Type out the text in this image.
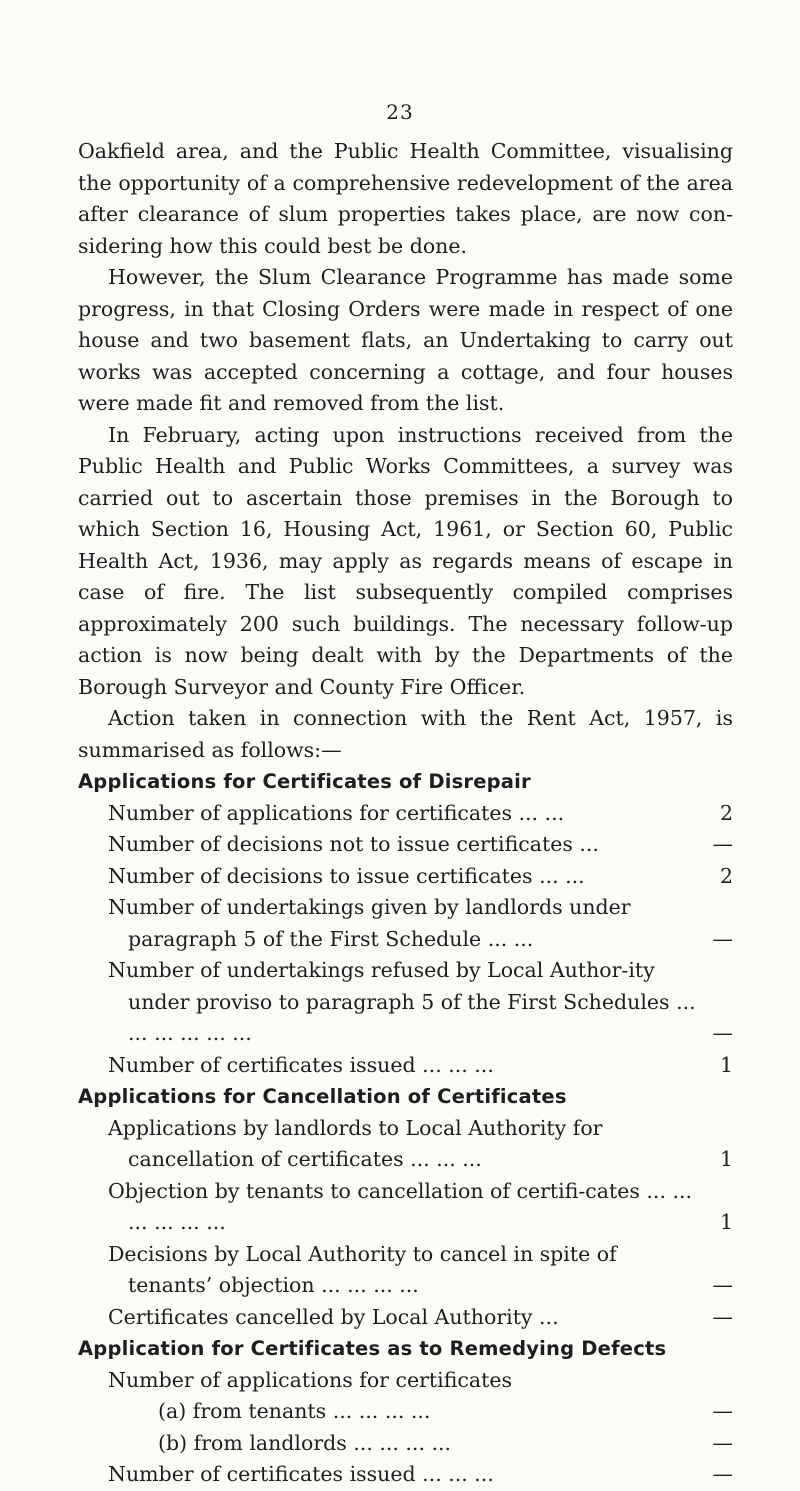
23

Oakfield area, and the Public Health Committee, visualising the opportunity of a comprehensive redevelopment of the area after clearance of slum properties takes place, are now con-sidering how this could best be done.

However, the Slum Clearance Programme has made some progress, in that Closing Orders were made in respect of one house and two basement flats, an Undertaking to carry out works was accepted concerning a cottage, and four houses were made fit and removed from the list.

In February, acting upon instructions received from the Public Health and Public Works Committees, a survey was carried out to ascertain those premises in the Borough to which Section 16, Housing Act, 1961, or Section 60, Public Health Act, 1936, may apply as regards means of escape in case of fire. The list subsequently compiled comprises approximately 200 such buildings. The necessary follow-up action is now being dealt with by the Departments of the Borough Surveyor and County Fire Officer.

Action taken in connection with the Rent Act, 1957, is summarised as follows:—

Applications for Certificates of Disrepair
Number of applications for certificates ... ...	2
Number of decisions not to issue certificates ...	—
Number of decisions to issue certificates ... ...	2
Number of undertakings given by landlords under paragraph 5 of the First Schedule ... ...	—
Number of undertakings refused by Local Author-ity under proviso to paragraph 5 of the First Schedules ... ... ... ... ... ...	—
Number of certificates issued ... ... ...	1
Applications for Cancellation of Certificates
Applications by landlords to Local Authority for cancellation of certificates ... ... ...	1
Objection by tenants to cancellation of certifi-cates ... ... ... ... ... ...	1
Decisions by Local Authority to cancel in spite of tenants’ objection ... ... ... ...	—
Certificates cancelled by Local Authority ...	—
Application for Certificates as to Remedying Defects
Number of applications for certificates
(a) from tenants ... ... ... ...	—
(b) from landlords ... ... ... ...	—
Number of certificates issued ... ... ...	—
